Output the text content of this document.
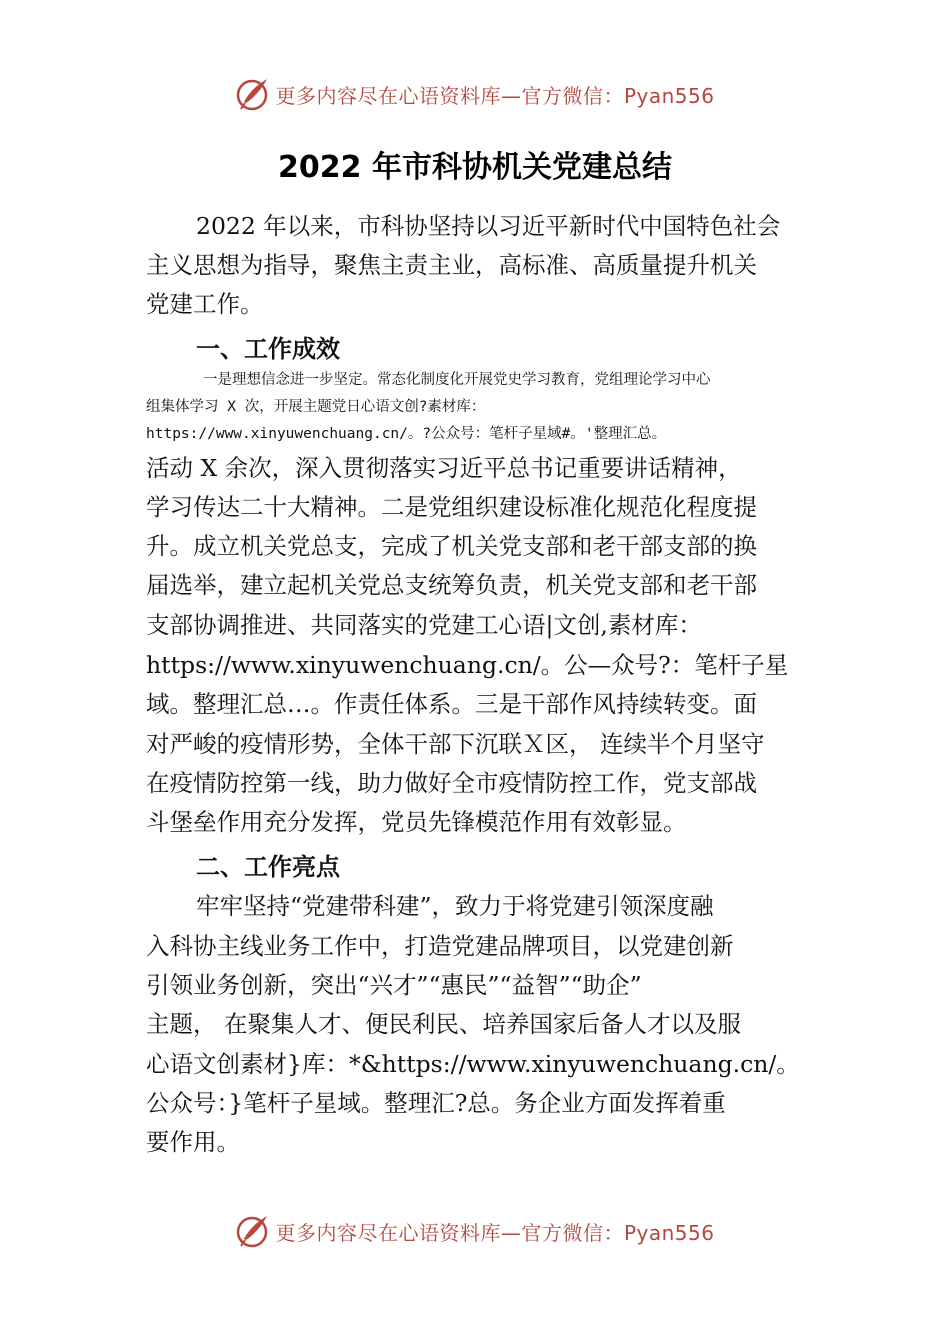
更多内容尽在心语资料库—官方微信：Pyan556
2022 年市科协机关党建总结
2022 年以来，市科协坚持以习近平新时代中国特色社会
主义思想为指导，聚焦主责主业，高标准、高质量提升机关
党建工作。
一、工作成效
一是理想信念进一步坚定。常态化制度化开展党史学习教育，党组理论学习中心
组集体学习 X 次，开展主题党日心语文创?素材库：
https://www.xinyuwenchuang.cn/。?公众号：笔杆子星域#。'整理汇总。
活动 X 余次，深入贯彻落实习近平总书记重要讲话精神，
学习传达二十大精神。二是党组织建设标准化规范化程度提
升。成立机关党总支，完成了机关党支部和老干部支部的换
届选举，建立起机关党总支统筹负责，机关党支部和老干部
支部协调推进、共同落实的党建工心语|文创,素材库：
https://www.xinyuwenchuang.cn/。公—众号?：笔杆子星
域。整理汇总…。作责任体系。三是干部作风持续转变。面
对严峻的疫情形势，全体干部下沉联Ｘ区， 连续半个月坚守
在疫情防控第一线，助力做好全市疫情防控工作，党支部战
斗堡垒作用充分发挥，党员先锋模范作用有效彰显。
二、工作亮点
牢牢坚持“党建带科建”，致力于将党建引领深度融
入科协主线业务工作中，打造党建品牌项目，以党建创新
引领业务创新，突出“兴才”“惠民”“益智”“助企”
主题， 在聚集人才、便民利民、培养国家后备人才以及服
心语文创素材}库：*&https://www.xinyuwenchuang.cn/。
公众号：}笔杆子星域。整理汇?总。务企业方面发挥着重
要作用。
更多内容尽在心语资料库—官方微信：Pyan556
